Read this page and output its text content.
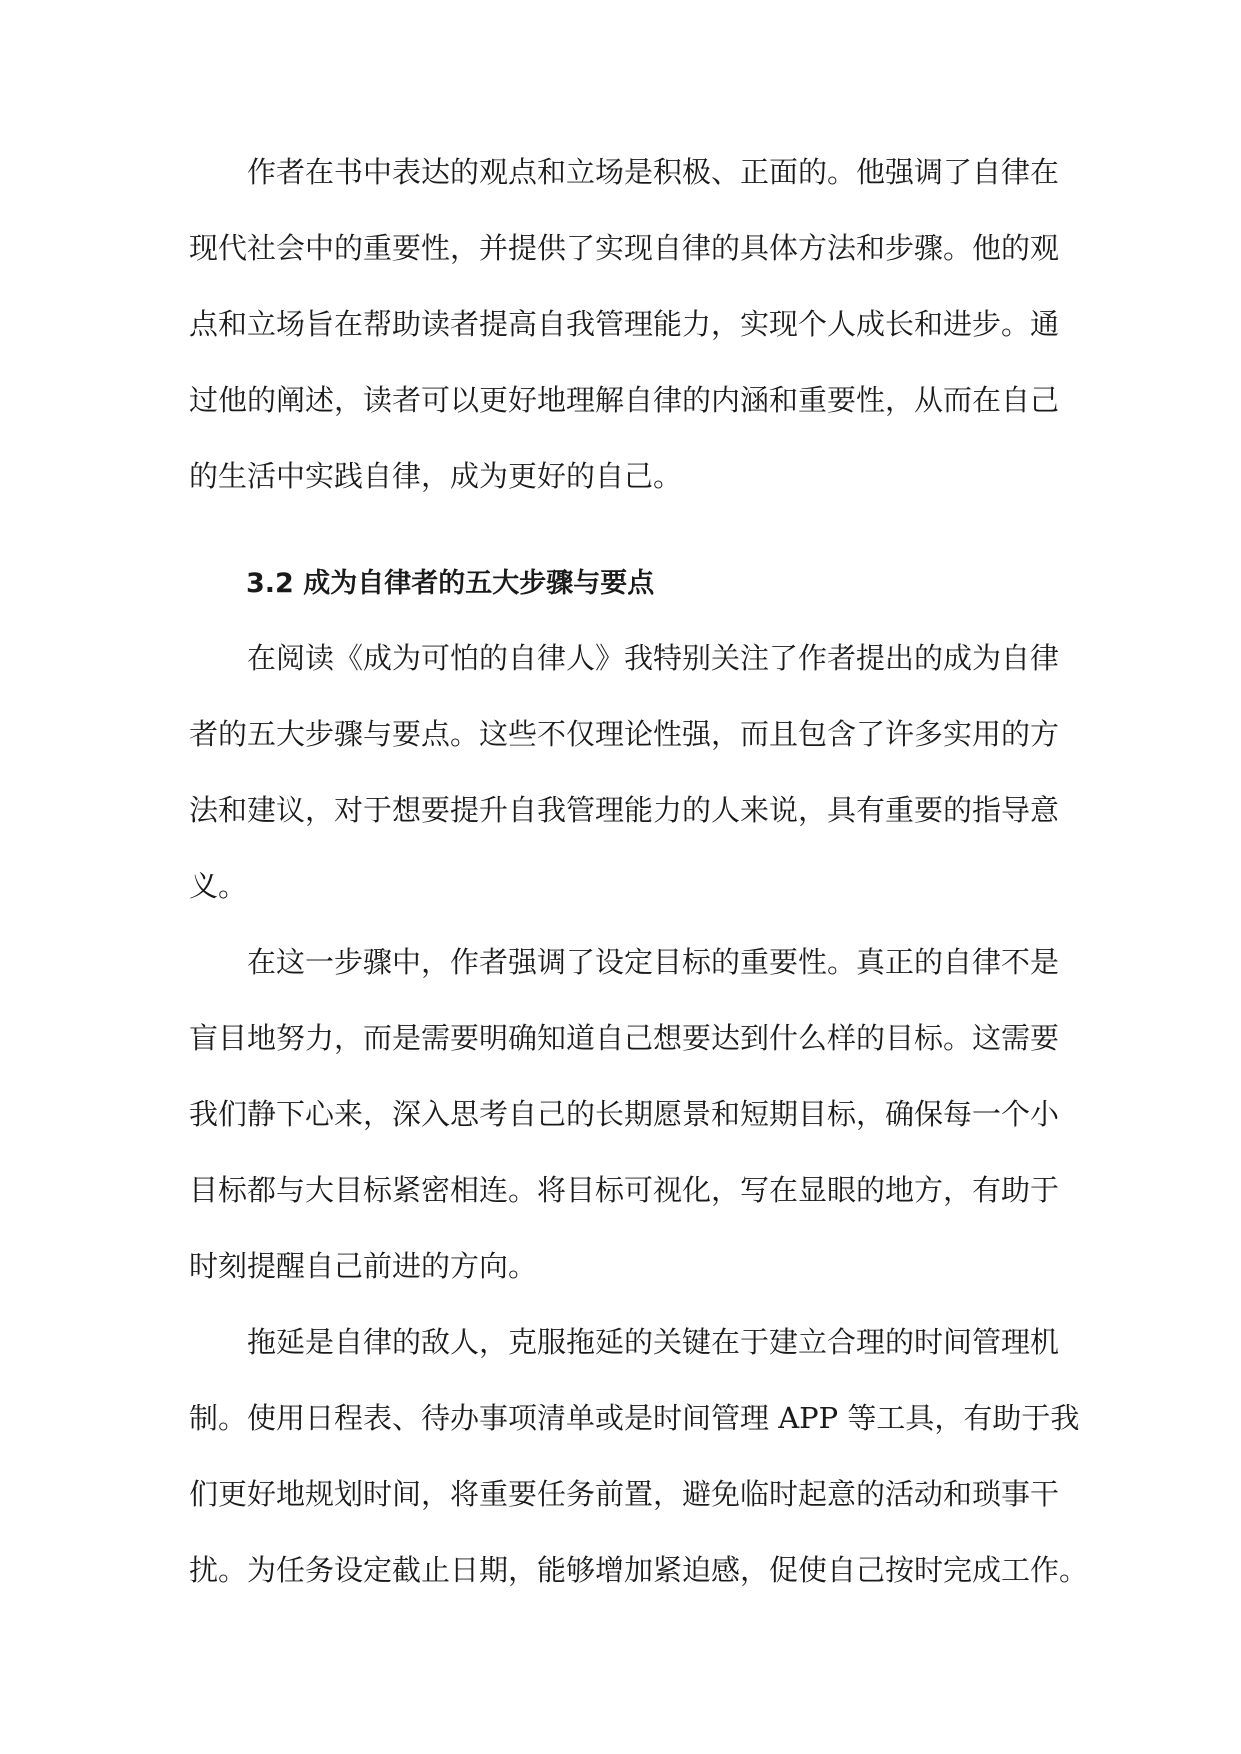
作者在书中表达的观点和立场是积极、正面的。他强调了自律在
现代社会中的重要性，并提供了实现自律的具体方法和步骤。他的观
点和立场旨在帮助读者提高自我管理能力，实现个人成长和进步。通
过他的阐述，读者可以更好地理解自律的内涵和重要性，从而在自己
的生活中实践自律，成为更好的自己。
3.2 成为自律者的五大步骤与要点
在阅读《成为可怕的自律人》我特别关注了作者提出的成为自律
者的五大步骤与要点。这些不仅理论性强，而且包含了许多实用的方
法和建议，对于想要提升自我管理能力的人来说，具有重要的指导意
义。
在这一步骤中，作者强调了设定目标的重要性。真正的自律不是
盲目地努力，而是需要明确知道自己想要达到什么样的目标。这需要
我们静下心来，深入思考自己的长期愿景和短期目标，确保每一个小
目标都与大目标紧密相连。将目标可视化，写在显眼的地方，有助于
时刻提醒自己前进的方向。
拖延是自律的敌人，克服拖延的关键在于建立合理的时间管理机
制。使用日程表、待办事项清单或是时间管理 APP 等工具，有助于我
们更好地规划时间，将重要任务前置，避免临时起意的活动和琐事干
扰。为任务设定截止日期，能够增加紧迫感，促使自己按时完成工作。
